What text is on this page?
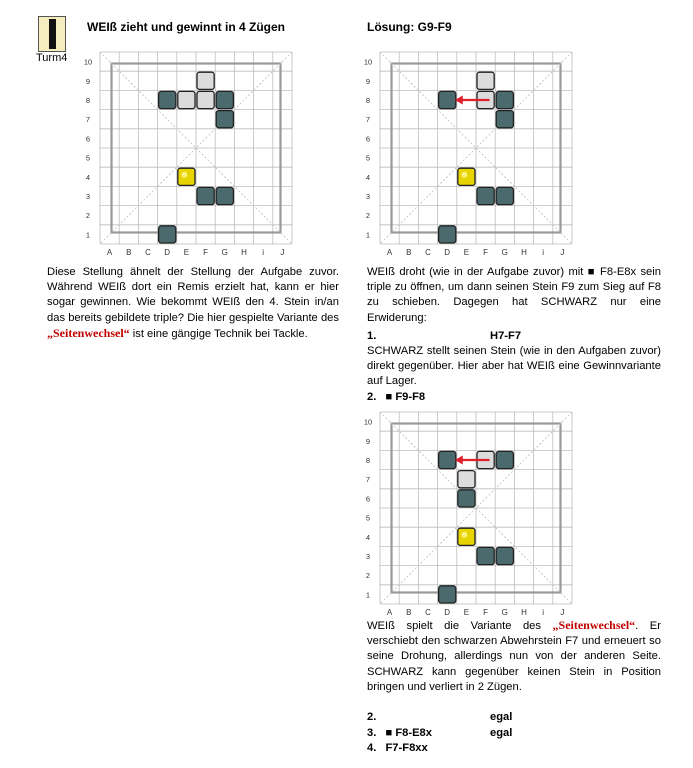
Turm4
WEIß zieht und gewinnt in 4 Zügen	Lösung: G9-F9
1
2
3
4
5
6
7
8
9
10
A B C D E F G H i J
1
2
3
4
5
6
7
8
9
10
A B C D E F G H i J
1
2
3
4
5
6
7
8
9
10
A B C D E F G H i J
Diese Stellung ähnelt der Stellung der Aufgabe zuvor. Während WEIß dort ein Remis erzielt hat, kann er hier sogar gewinnen. Wie bekommt WEIß den 4. Stein in/an das bereits gebildete triple? Die hier gespielte Variante des „Seitenwechsel“ ist eine gängige Technik bei Tackle.
WEIß droht (wie in der Aufgabe zuvor) mit ■ F8-E8x sein triple zu öffnen, um dann seinen Stein F9 zum Sieg auf F8 zu schieben. Dagegen hat SCHWARZ nur eine Erwiderung:
1.	H7-F7
SCHWARZ stellt seinen Stein (wie in den Aufgaben zuvor) direkt gegenüber. Hier aber hat WEIß eine Gewinnvariante auf Lager.
2. ■ F9-F8
WEIß spielt die Variante des „Seitenwechsel“. Er verschiebt den schwarzen Abwehrstein F7 und erneuert so seine Drohung, allerdings nun von der anderen Seite. SCHWARZ kann gegenüber keinen Stein in Position bringen und verliert in 2 Zügen.
2.	egal
3. ■ F8-E8x	egal
4. F7-F8xx
